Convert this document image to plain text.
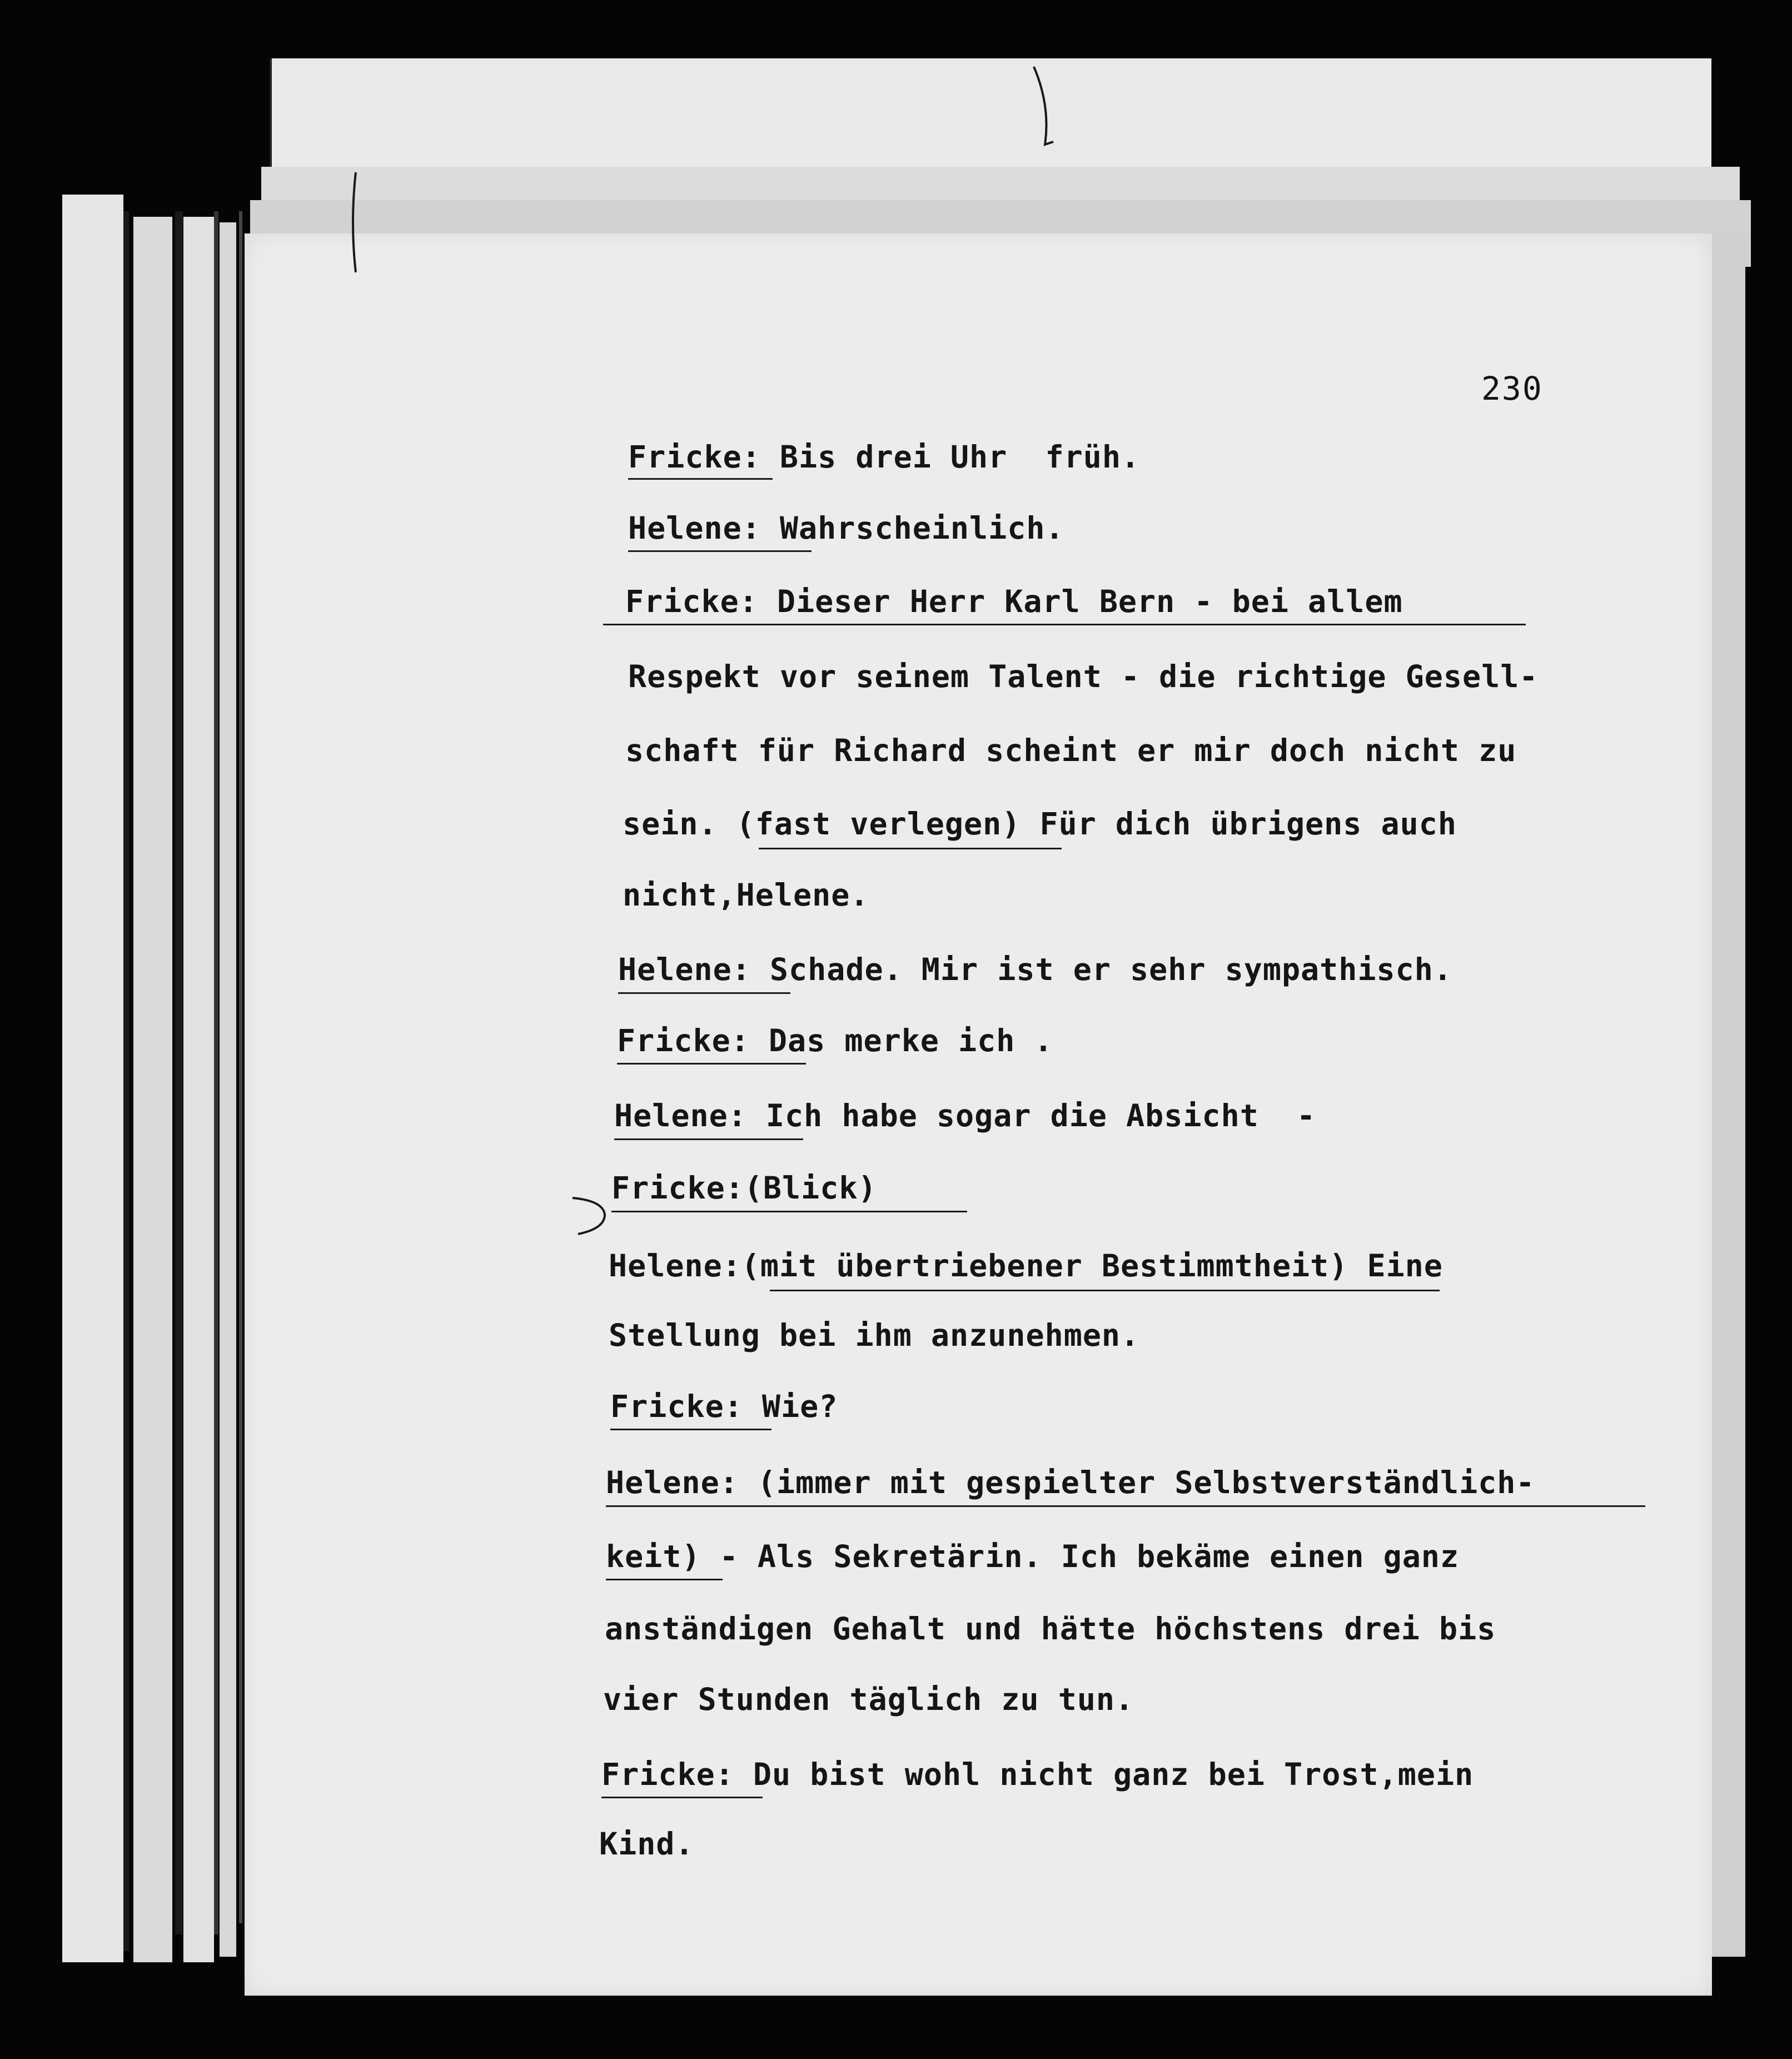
230
Fricke: Bis drei Uhr  früh.
Helene: Wahrscheinlich.
Fricke: Dieser Herr Karl Bern - bei allem
Respekt vor seinem Talent - die richtige Gesell-
schaft für Richard scheint er mir doch nicht zu
sein. (fast verlegen) Für dich übrigens auch
nicht,Helene.
Helene: Schade. Mir ist er sehr sympathisch.
Fricke: Das merke ich .
Helene: Ich habe sogar die Absicht  -
Fricke:(Blick)
Helene:(mit übertriebener Bestimmtheit) Eine
Stellung bei ihm anzunehmen.
Fricke: Wie?
Helene: (immer mit gespielter Selbstverständlich-
keit) - Als Sekretärin. Ich bekäme einen ganz
anständigen Gehalt und hätte höchstens drei bis
vier Stunden täglich zu tun.
Fricke: Du bist wohl nicht ganz bei Trost,mein
Kind.
